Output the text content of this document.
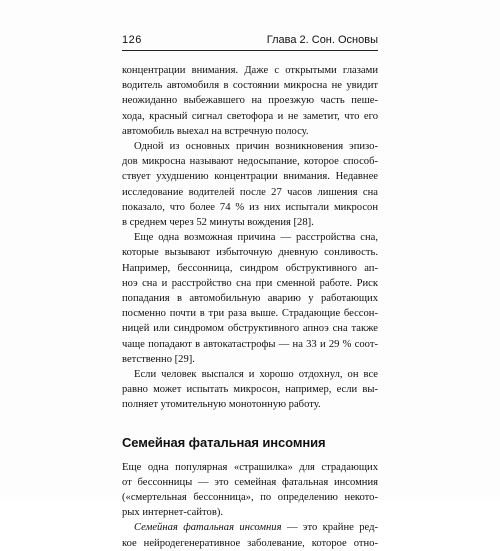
126	Глава 2. Сон. Основы

концентрации внимания. Даже с открытыми глазами
водитель автомобиля в состоянии микросна не увидит
неожиданно выбежавшего на проезжую часть пеше-
хода, красный сигнал светофора и не заметит, что его
автомобиль выехал на встречную полосу.

Одной из основных причин возникновения эпизо-
дов микросна называют недосыпание, которое способ-
ствует ухудшению концентрации внимания. Недавнее
исследование водителей после 27 часов лишения сна
показало, что более 74 % из них испытали микросон
в среднем через 52 минуты вождения [28].

Еще одна возможная причина — расстройства сна,
которые вызывают избыточную дневную сонливость.
Например, бессонница, синдром обструктивного ап-
ноэ сна и расстройство сна при сменной работе. Риск
попадания в автомобильную аварию у работающих
посменно почти в три раза выше. Страдающие бессон-
ницей или синдромом обструктивного апноэ сна также
чаще попадают в автокатастрофы — на 33 и 29 % соот-
ветственно [29].

Если человек выспался и хорошо отдохнул, он все
равно может испытать микросон, например, если вы-
полняет утомительную монотонную работу.

Семейная фатальная инсомния

Еще одна популярная «страшилка» для страдающих
от бессонницы — это семейная фатальная инсомния
(«смертельная бессонница», по определению некото-
рых интернет-сайтов).

Семейная фатальная инсомния — это крайне ред-
кое нейродегенеративное заболевание, которое отно-
